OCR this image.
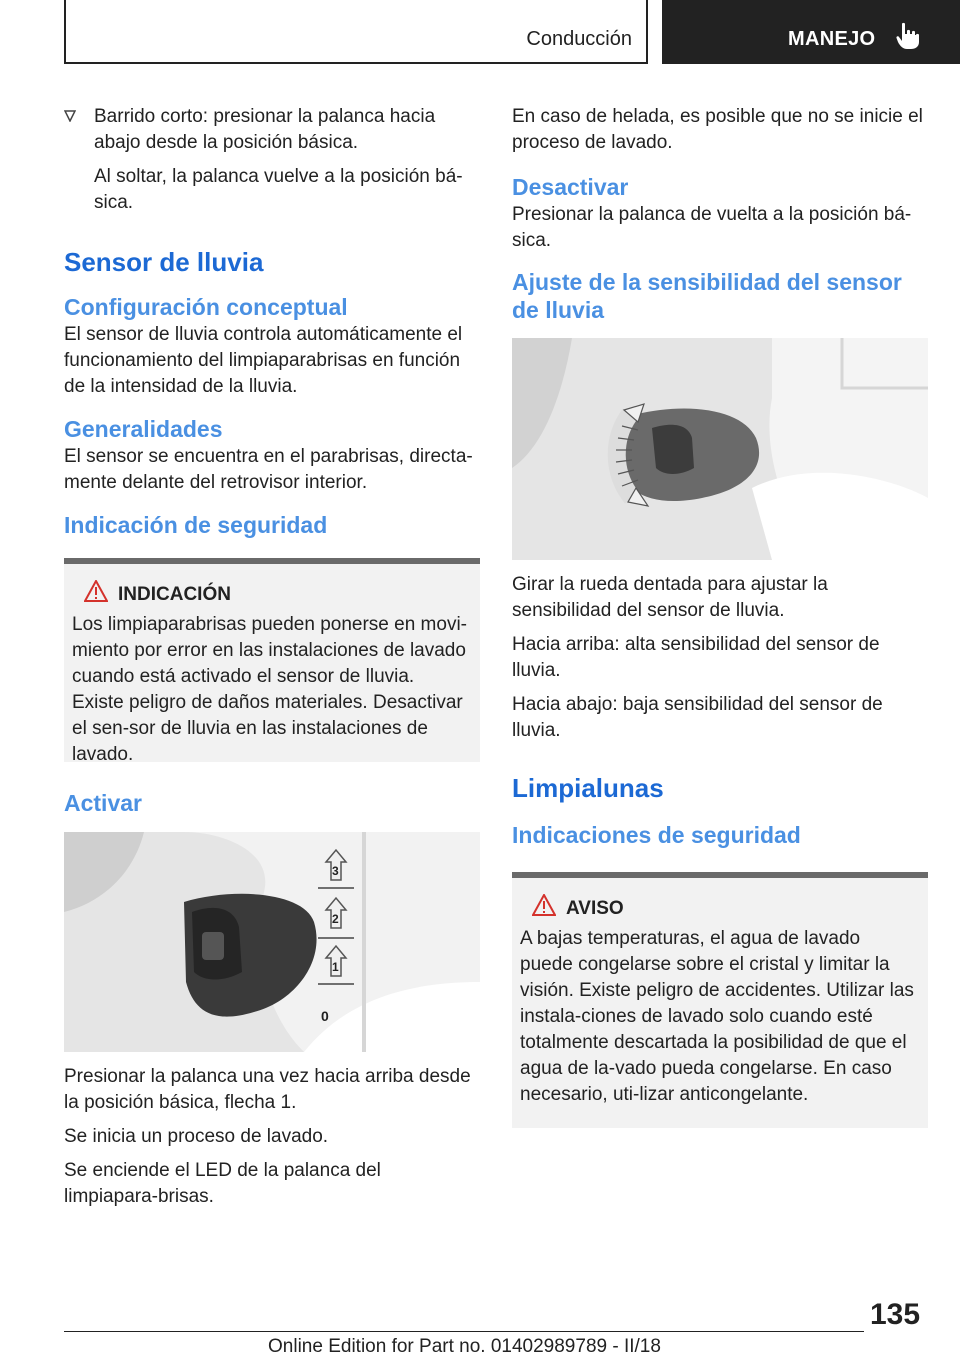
Conducción	MANEJO
Barrido corto: presionar la palanca hacia abajo desde la posición básica.
Al soltar, la palanca vuelve a la posición bá‐sica.
Sensor de lluvia
Configuración conceptual
El sensor de lluvia controla automáticamente el funcionamiento del limpiaparabrisas en función de la intensidad de la lluvia.
Generalidades
El sensor se encuentra en el parabrisas, directa‐mente delante del retrovisor interior.
Indicación de seguridad
INDICACIÓN
Los limpiaparabrisas pueden ponerse en movi‐miento por error en las instalaciones de lavado cuando está activado el sensor de lluvia. Existe peligro de daños materiales. Desactivar el sen‐sor de lluvia en las instalaciones de lavado.
Activar
3
2
1
0
Presionar la palanca una vez hacia arriba desde la posición básica, flecha 1.
Se inicia un proceso de lavado.
Se enciende el LED de la palanca del limpiapara‐brisas.
En caso de helada, es posible que no se inicie el proceso de lavado.
Desactivar
Presionar la palanca de vuelta a la posición bá‐sica.
Ajuste de la sensibilidad del sensor de lluvia
Girar la rueda dentada para ajustar la sensibilidad del sensor de lluvia.
Hacia arriba: alta sensibilidad del sensor de lluvia.
Hacia abajo: baja sensibilidad del sensor de lluvia.
Limpialunas
Indicaciones de seguridad
AVISO
A bajas temperaturas, el agua de lavado puede congelarse sobre el cristal y limitar la visión. Existe peligro de accidentes. Utilizar las instala‐ciones de lavado solo cuando esté totalmente descartada la posibilidad de que el agua de la‐vado pueda congelarse. En caso necesario, uti‐lizar anticongelante.
135
Online Edition for Part no. 01402989789 - II/18
